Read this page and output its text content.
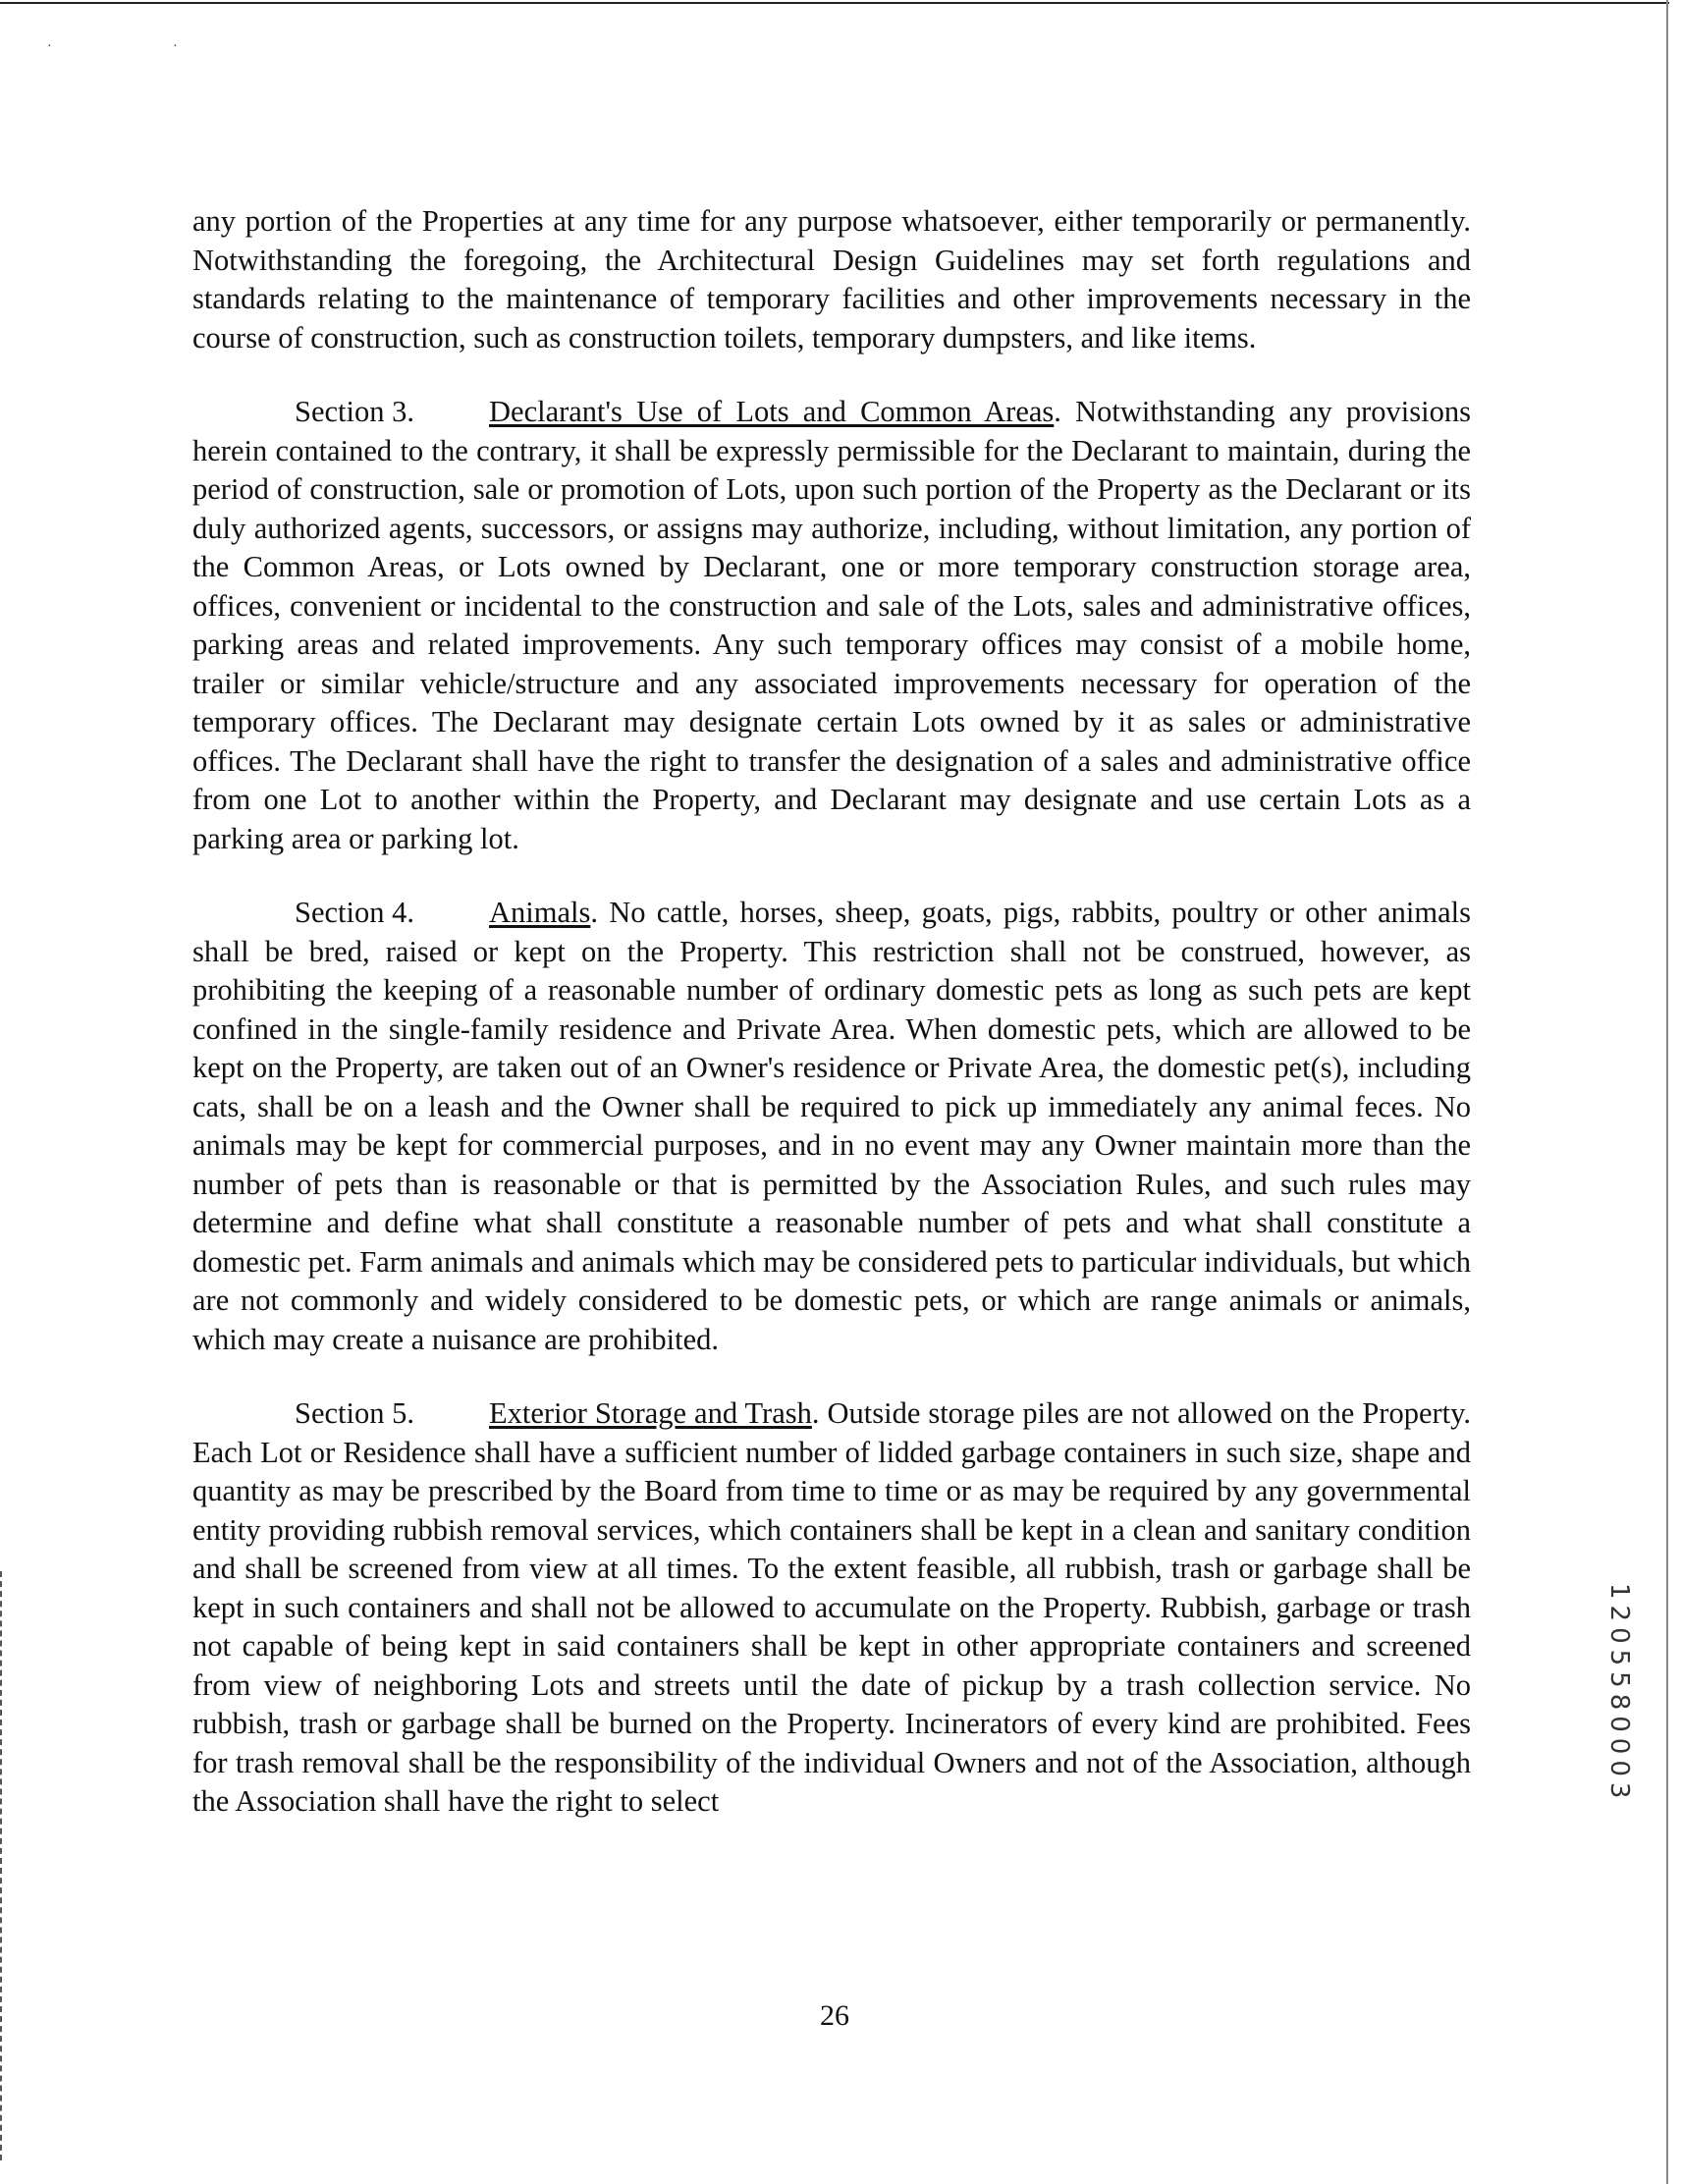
· ·

any portion of the Properties at any time for any purpose whatsoever, either temporarily or permanently. Notwithstanding the foregoing, the Architectural Design Guidelines may set forth regulations and standards relating to the maintenance of temporary facilities and other improvements necessary in the course of construction, such as construction toilets, temporary dumpsters, and like items.

Section 3. Declarant's Use of Lots and Common Areas. Notwithstanding any provisions herein contained to the contrary, it shall be expressly permissible for the Declarant to maintain, during the period of construction, sale or promotion of Lots, upon such portion of the Property as the Declarant or its duly authorized agents, successors, or assigns may authorize, including, without limitation, any portion of the Common Areas, or Lots owned by Declarant, one or more temporary construction storage area, offices, convenient or incidental to the construction and sale of the Lots, sales and administrative offices, parking areas and related improvements. Any such temporary offices may consist of a mobile home, trailer or similar vehicle/structure and any associated improvements necessary for operation of the temporary offices. The Declarant may designate certain Lots owned by it as sales or administrative offices. The Declarant shall have the right to transfer the designation of a sales and administrative office from one Lot to another within the Property, and Declarant may designate and use certain Lots as a parking area or parking lot.

Section 4. Animals. No cattle, horses, sheep, goats, pigs, rabbits, poultry or other animals shall be bred, raised or kept on the Property. This restriction shall not be construed, however, as prohibiting the keeping of a reasonable number of ordinary domestic pets as long as such pets are kept confined in the single-family residence and Private Area. When domestic pets, which are allowed to be kept on the Property, are taken out of an Owner's residence or Private Area, the domestic pet(s), including cats, shall be on a leash and the Owner shall be required to pick up immediately any animal feces. No animals may be kept for commercial purposes, and in no event may any Owner maintain more than the number of pets than is reasonable or that is permitted by the Association Rules, and such rules may determine and define what shall constitute a reasonable number of pets and what shall constitute a domestic pet. Farm animals and animals which may be considered pets to particular individuals, but which are not commonly and widely considered to be domestic pets, or which are range animals or animals, which may create a nuisance are prohibited.

Section 5. Exterior Storage and Trash. Outside storage piles are not allowed on the Property. Each Lot or Residence shall have a sufficient number of lidded garbage containers in such size, shape and quantity as may be prescribed by the Board from time to time or as may be required by any governmental entity providing rubbish removal services, which containers shall be kept in a clean and sanitary condition and shall be screened from view at all times. To the extent feasible, all rubbish, trash or garbage shall be kept in such containers and shall not be allowed to accumulate on the Property. Rubbish, garbage or trash not capable of being kept in said containers shall be kept in other appropriate containers and screened from view of neighboring Lots and streets until the date of pickup by a trash collection service. No rubbish, trash or garbage shall be burned on the Property. Incinerators of every kind are prohibited. Fees for trash removal shall be the responsibility of the individual Owners and not of the Association, although the Association shall have the right to select

26
1205580003
